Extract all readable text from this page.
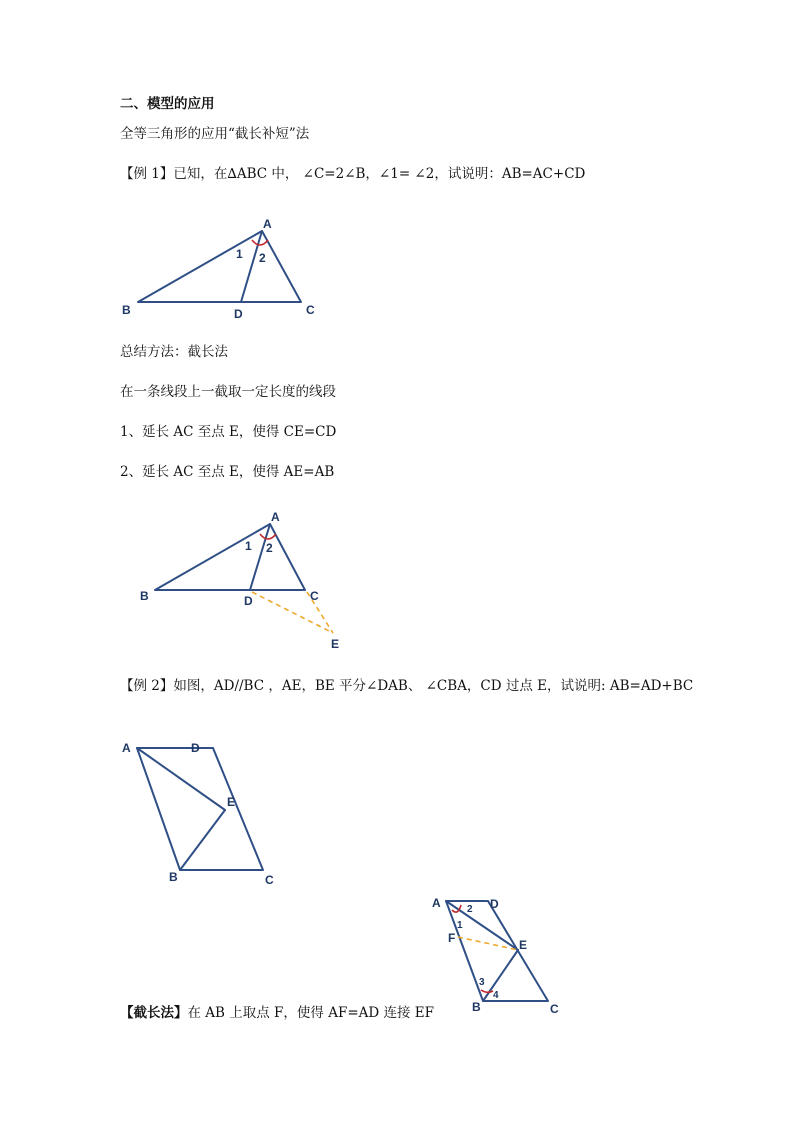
二、模型的应用
全等三角形的应用“截长补短”法
【例 1】已知，在∆ABC 中， ∠C=2∠B，∠1= ∠2，试说明：AB=AC+CD
A
B	C
D
1 2
总结方法：截长法
在一条线段上一截取一定长度的线段
1、延长 AC 至点 E，使得 CE=CD
2、延长 AC 至点 E，使得 AE=AB
A
B	C
D
E
1 2
【例 2】如图，AD//BC ，AE，BE 平分∠DAB、 ∠CBA，CD 过点 E，试说明: AB=AD+BC
A	D
E
B	C
A	D
F	E
B	C
1
2
3
4
【截长法】在 AB 上取点 F，使得 AF=AD 连接 EF
